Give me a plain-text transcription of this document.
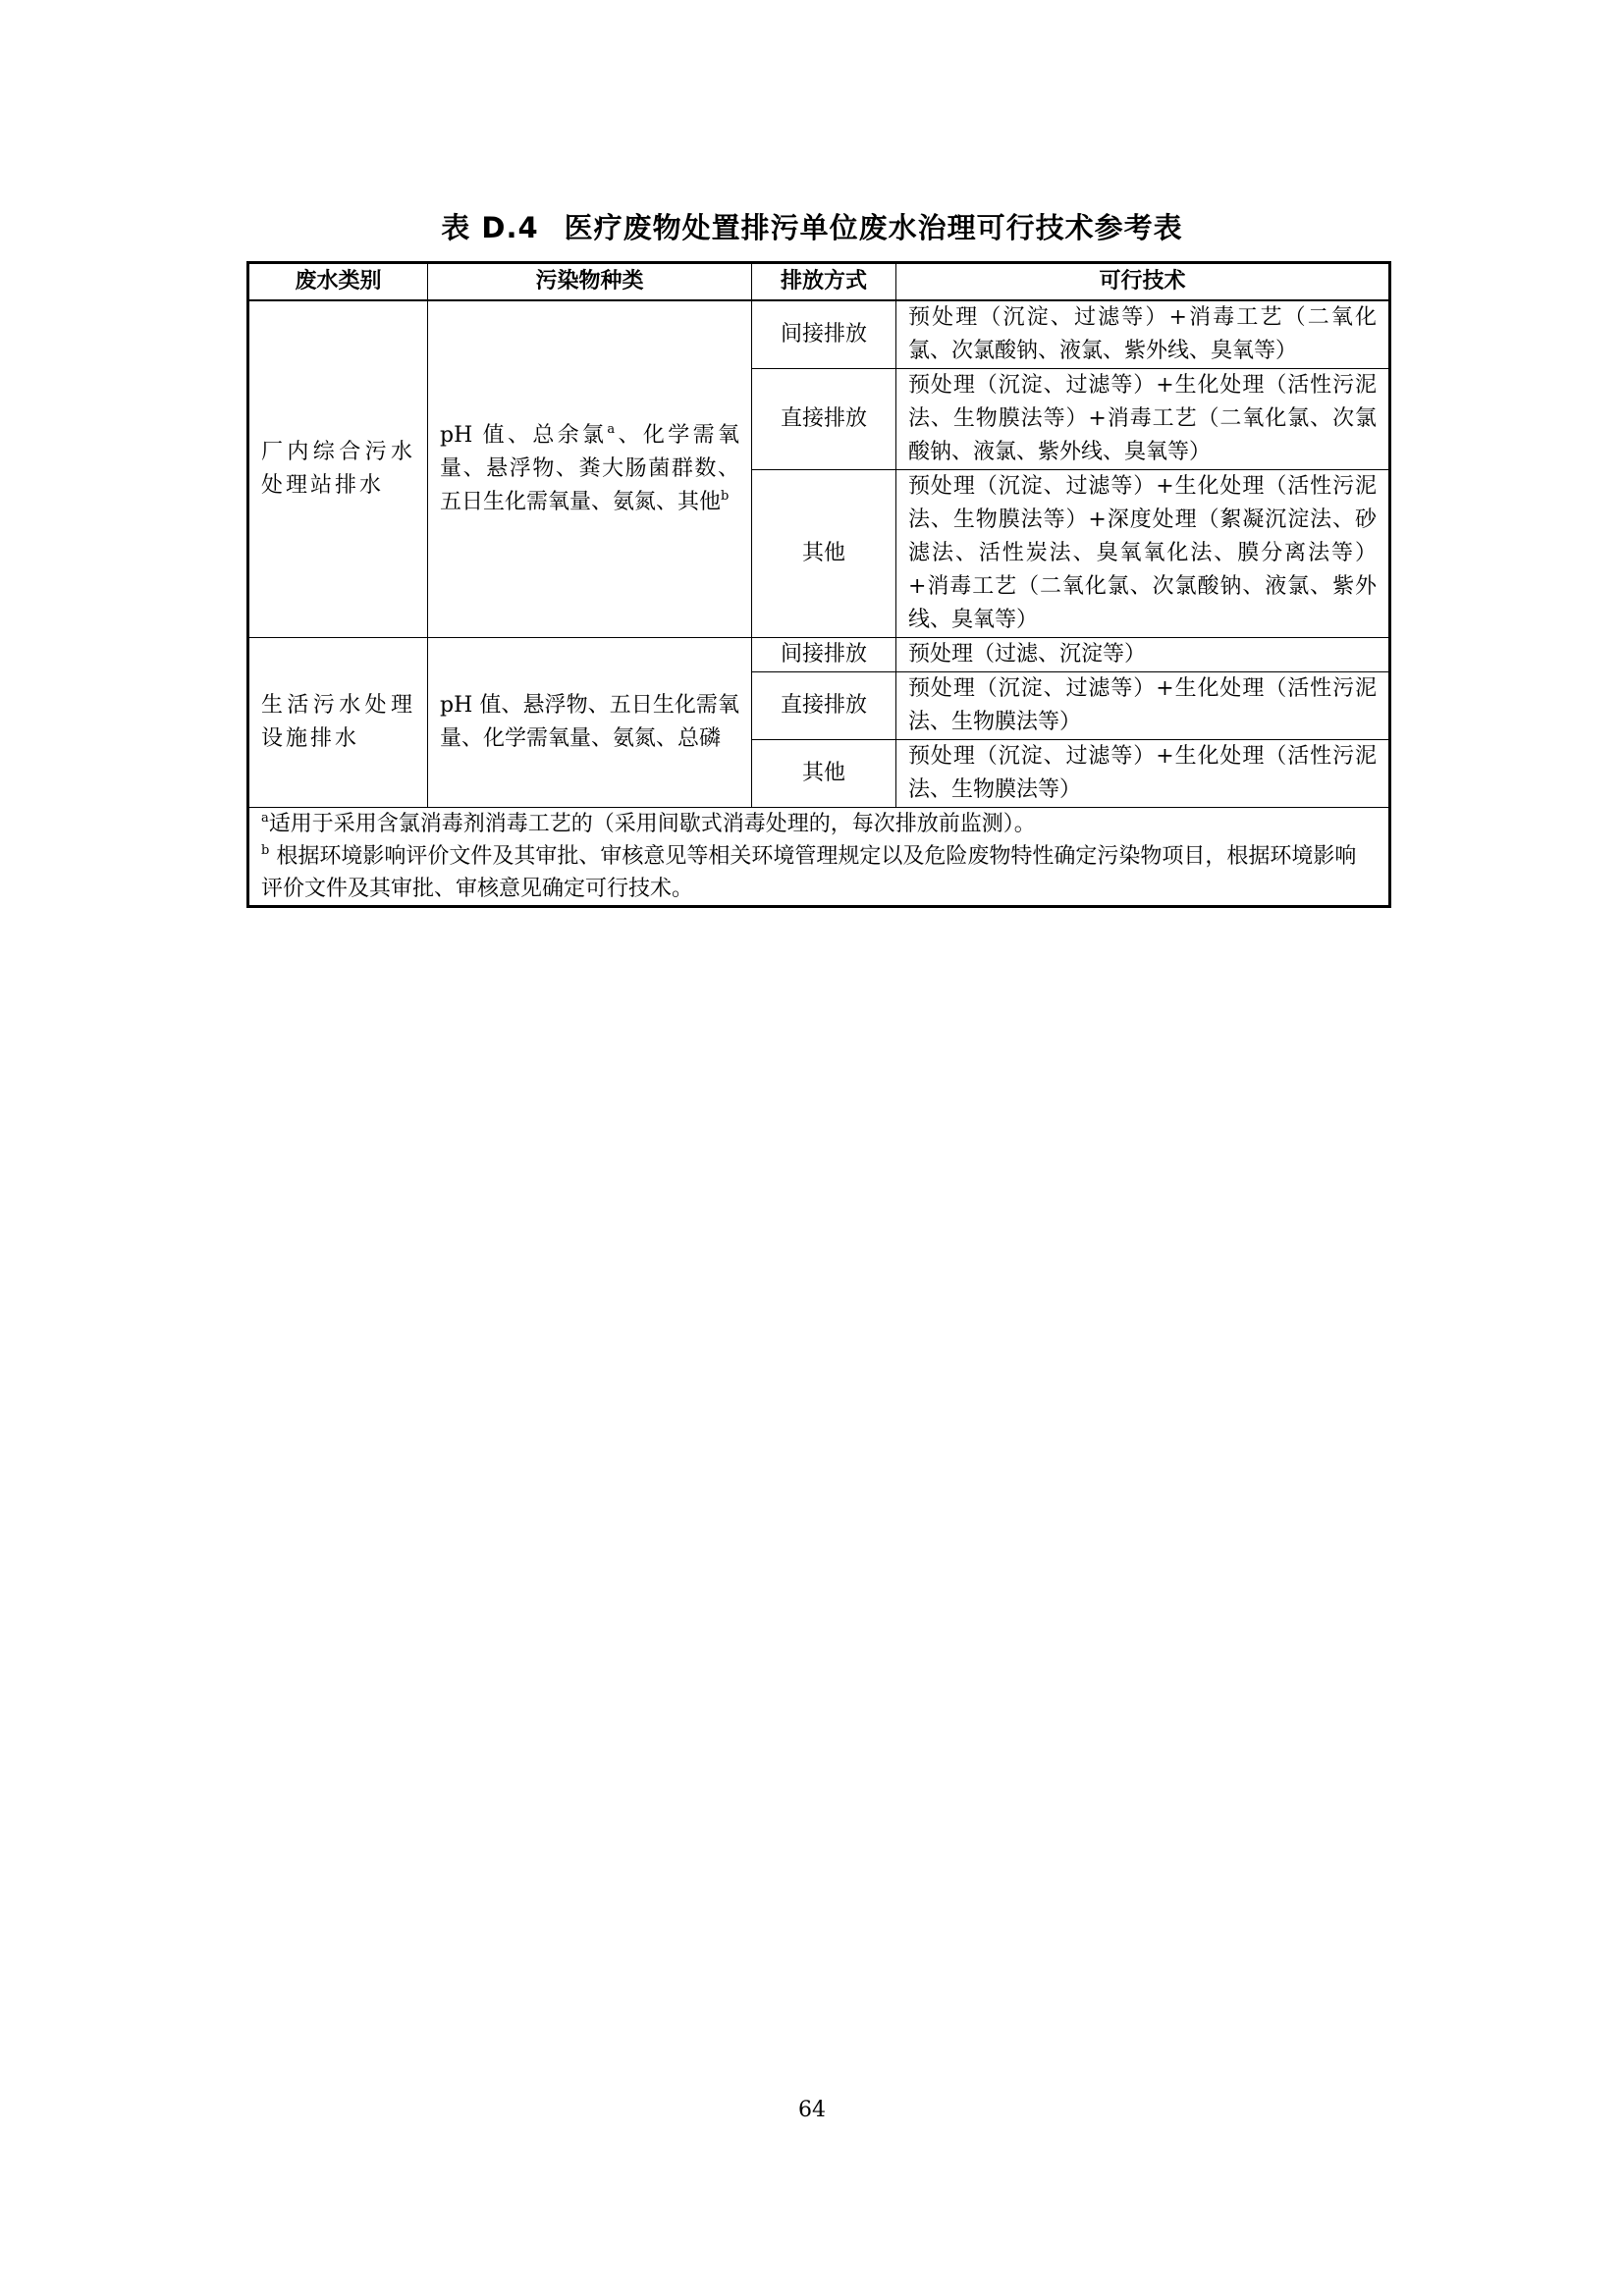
表 D.4 医疗废物处置排污单位废水治理可行技术参考表
废水类别	污染物种类	排放方式	可行技术
厂内综合污水处理站排水	pH 值、总余氯$^a$、化学需氧量、悬浮物、粪大肠菌群数、五日生化需氧量、氨氮、其他$^b$	间接排放	预处理（沉淀、过滤等）+消毒工艺（二氧化氯、次氯酸钠、液氯、紫外线、臭氧等）
		直接排放	预处理（沉淀、过滤等）+生化处理（活性污泥法、生物膜法等）+消毒工艺（二氧化氯、次氯酸钠、液氯、紫外线、臭氧等）
		其他	预处理（沉淀、过滤等）+生化处理（活性污泥法、生物膜法等）+深度处理（絮凝沉淀法、砂滤法、活性炭法、臭氧氧化法、膜分离法等）+消毒工艺（二氧化氯、次氯酸钠、液氯、紫外线、臭氧等）
生活污水处理设施排水	pH 值、悬浮物、五日生化需氧量、化学需氧量、氨氮、总磷	间接排放	预处理（过滤、沉淀等）
		直接排放	预处理（沉淀、过滤等）+生化处理（活性污泥法、生物膜法等）
		其他	预处理（沉淀、过滤等）+生化处理（活性污泥法、生物膜法等）

$^a$适用于采用含氯消毒剂消毒工艺的（采用间歇式消毒处理的，每次排放前监测）。
$^b$ 根据环境影响评价文件及其审批、审核意见等相关环境管理规定以及危险废物特性确定污染物项目，根据环境影响评价文件及其审批、审核意见确定可行技术。			
64
